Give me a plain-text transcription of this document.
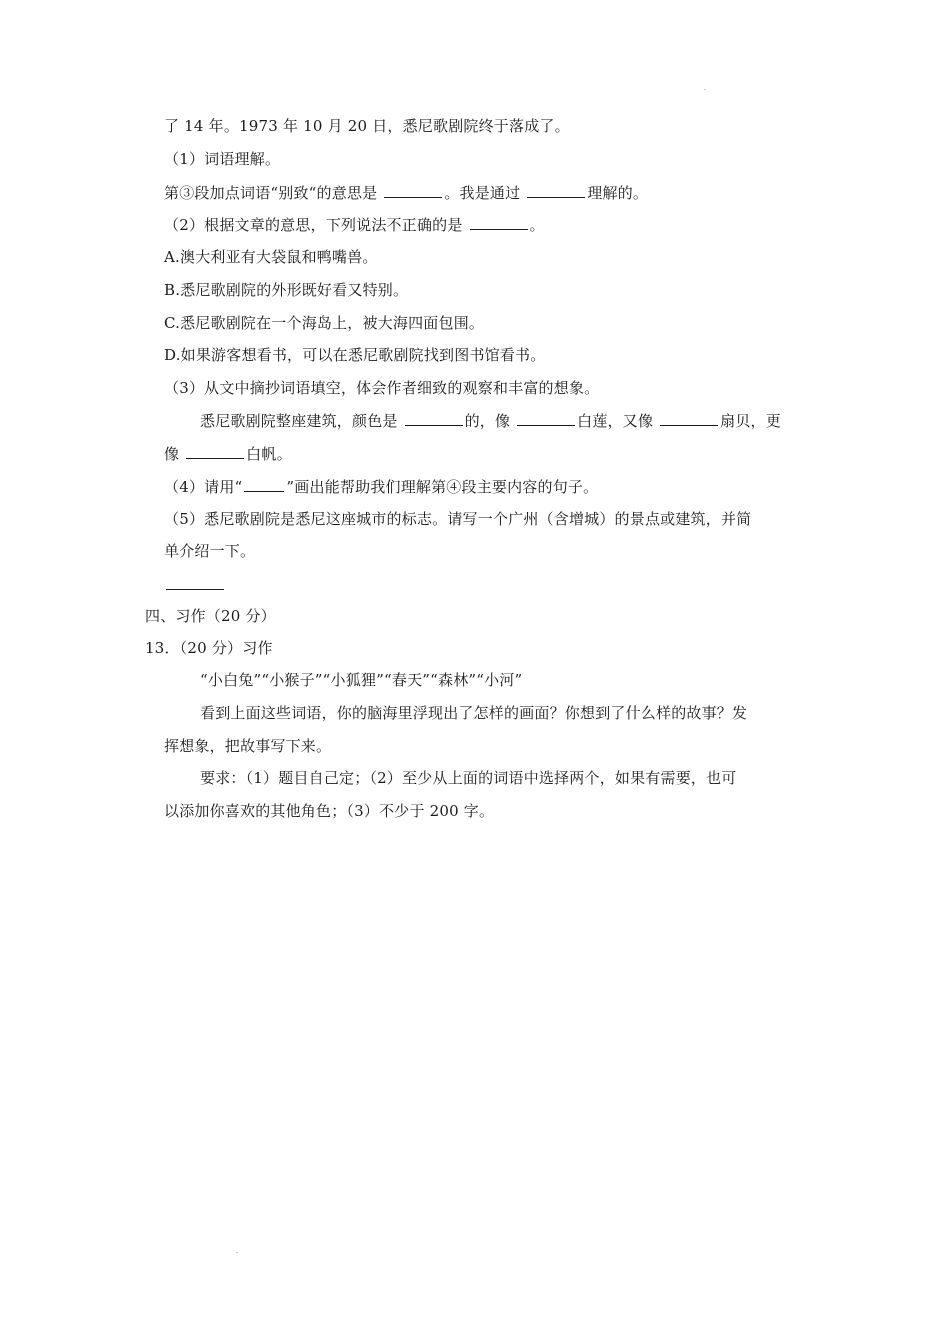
了 14 年。1973 年 10 月 20 日，悉尼歌剧院终于落成了。
（1）词语理解。
第③段加点词语“别致“的意思是	。我是通过	理解的。
（2）根据文章的意思，下列说法不正确的是	。
A.澳大利亚有大袋鼠和鸭嘴兽。
B.悉尼歌剧院的外形既好看又特别。
C.悉尼歌剧院在一个海岛上，被大海四面包围。
D.如果游客想看书，可以在悉尼歌剧院找到图书馆看书。
（3）从文中摘抄词语填空，体会作者细致的观察和丰富的想象。
悉尼歌剧院整座建筑，颜色是	的，像	白莲，又像	扇贝，更
像	白帆。
（4）请用“	”画出能帮助我们理解第④段主要内容的句子。
（5）悉尼歌剧院是悉尼这座城市的标志。请写一个广州（含增城）的景点或建筑，并简
单介绍一下。
四、习作（20 分）
13．（20 分）习作
“小白兔”“小猴子”“小狐狸”“春天”“森林”“小河”
看到上面这些词语，你的脑海里浮现出了怎样的画面？你想到了什么样的故事？发
挥想象，把故事写下来。
要求：（1）题目自己定；（2）至少从上面的词语中选择两个，如果有需要，也可
以添加你喜欢的其他角色；（3）不少于 200 字。
